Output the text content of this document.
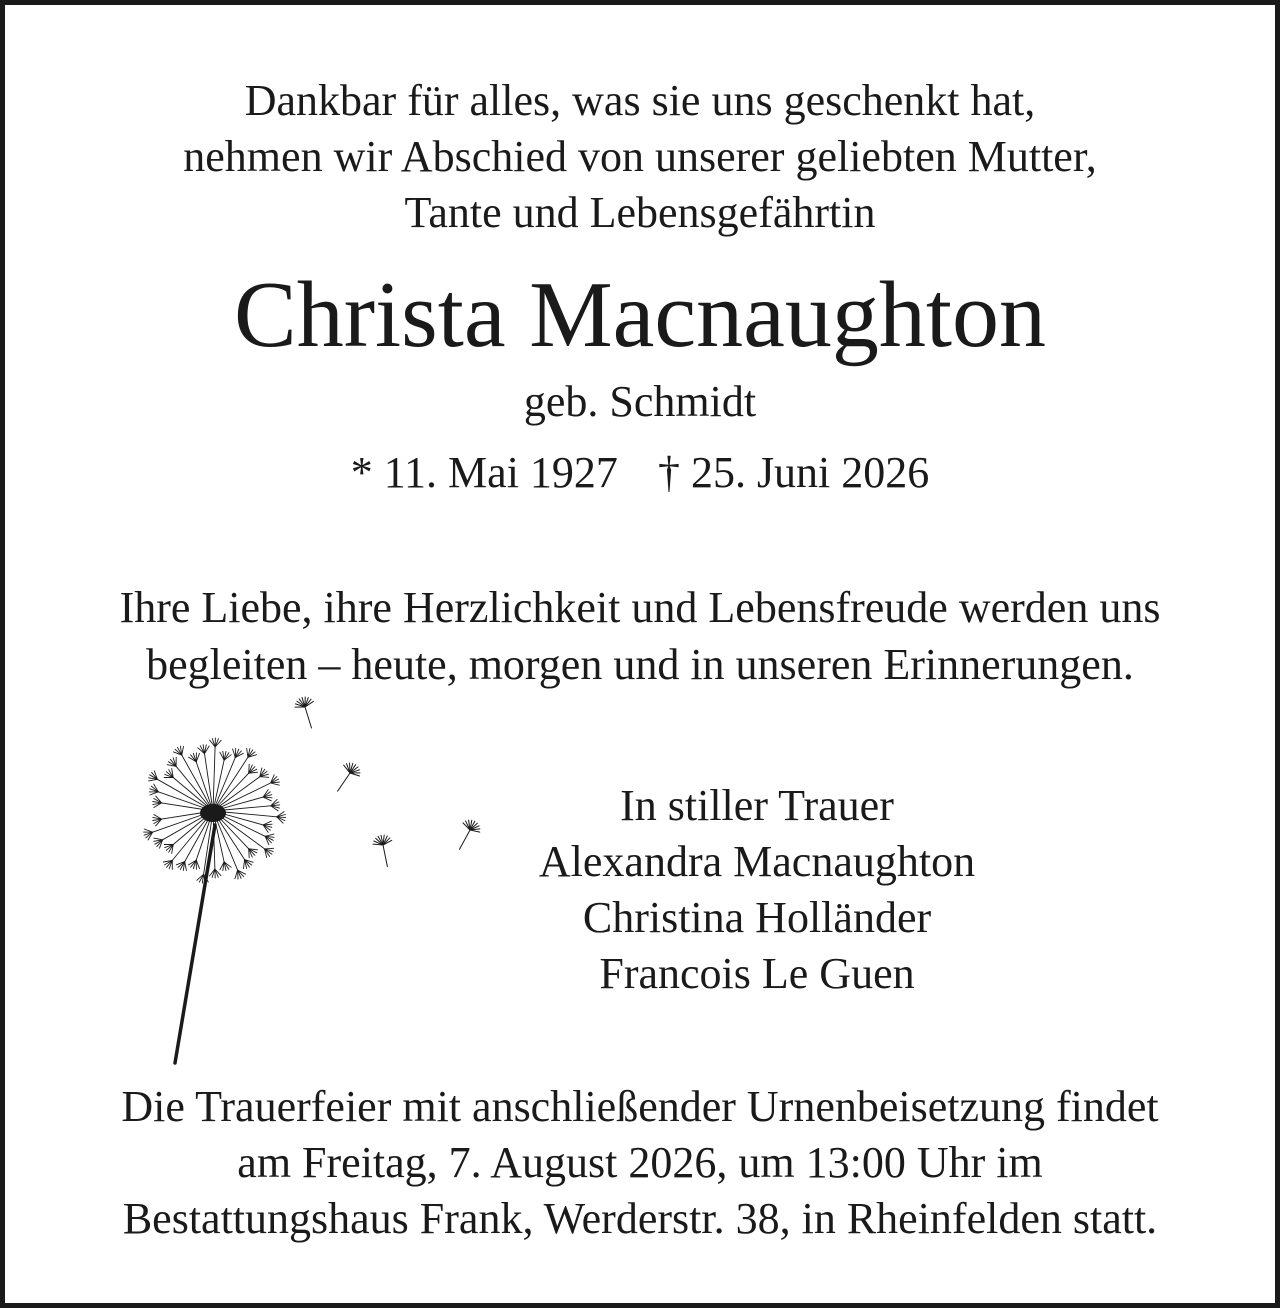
Dankbar für alles, was sie uns geschenkt hat,
nehmen wir Abschied von unserer geliebten Mutter,
Tante und Lebensgefährtin
Christa Macnaughton
geb. Schmidt
* 11. Mai 1927 † 25. Juni 2026
Ihre Liebe, ihre Herzlichkeit und Lebensfreude werden uns
begleiten – heute, morgen und in unseren Erinnerungen.
In stiller Trauer
Alexandra Macnaughton
Christina Holländer
Francois Le Guen
Die Trauerfeier mit anschließender Urnenbeisetzung findet
am Freitag, 7. August 2026, um 13:00 Uhr im
Bestattungshaus Frank, Werderstr. 38, in Rheinfelden statt.
